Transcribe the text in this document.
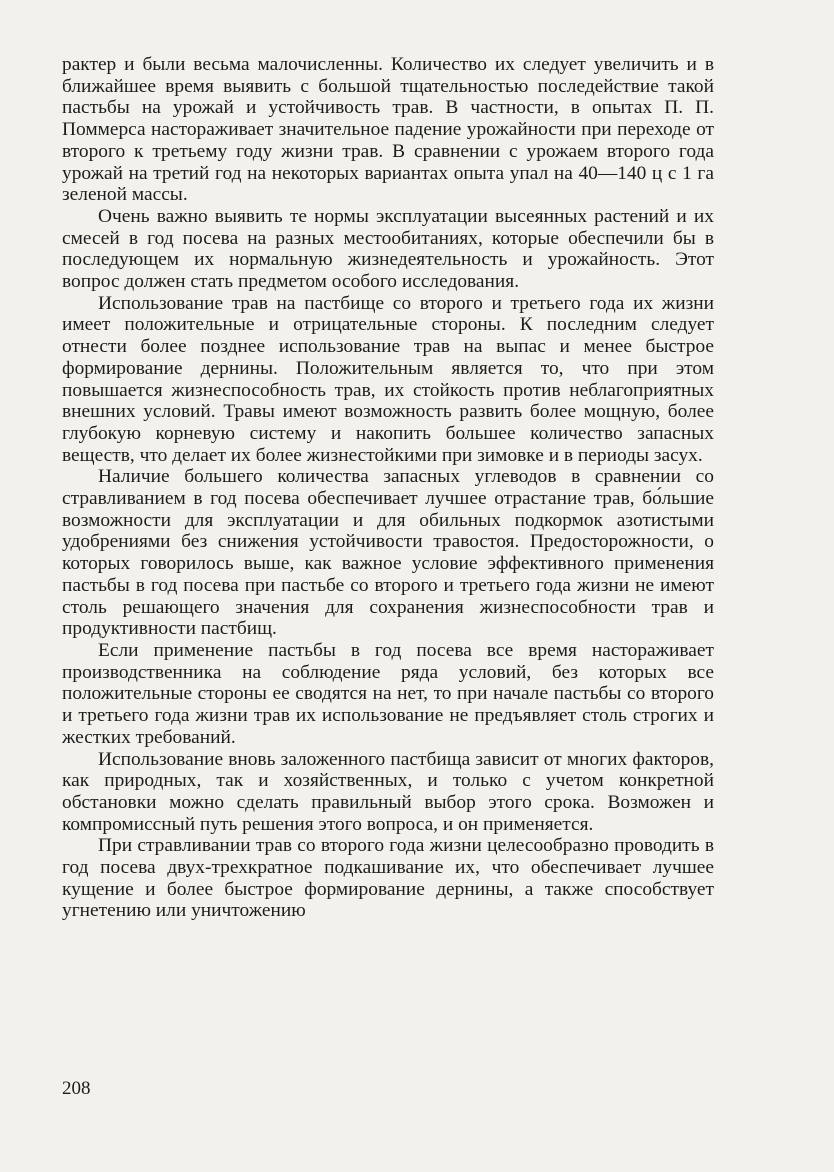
рактер и были весьма малочисленны. Количество их следует увеличить и в ближайшее время выявить с большой тщательностью последействие такой пастьбы на урожай и устойчивость трав. В частности, в опытах П. П. Поммерса настораживает значительное падение урожайности при переходе от второго к третьему году жизни трав. В сравнении с урожаем второго года урожай на третий год на некоторых вариантах опыта упал на 40—140 ц с 1 га зеленой массы.

Очень важно выявить те нормы эксплуатации высеянных растений и их смесей в год посева на разных местообитаниях, которые обеспечили бы в последующем их нормальную жизнедеятельность и урожайность. Этот вопрос должен стать предметом особого исследования.

Использование трав на пастбище со второго и третьего года их жизни имеет положительные и отрицательные стороны. К последним следует отнести более позднее использование трав на выпас и менее быстрое формирование дернины. Положительным является то, что при этом повышается жизнеспособность трав, их стойкость против неблагоприятных внешних условий. Травы имеют возможность развить более мощную, более глубокую корневую систему и накопить большее количество запасных веществ, что делает их более жизнестойкими при зимовке и в периоды засух.

Наличие большего количества запасных углеводов в сравнении со стравливанием в год посева обеспечивает лучшее отрастание трав, бо́льшие возможности для эксплуатации и для обильных подкормок азотистыми удобрениями без снижения устойчивости травостоя. Предосторожности, о которых говорилось выше, как важное условие эффективного применения пастьбы в год посева при пастьбе со второго и третьего года жизни не имеют столь решающего значения для сохранения жизнеспособности трав и продуктивности пастбищ.

Если применение пастьбы в год посева все время настораживает производственника на соблюдение ряда условий, без которых все положительные стороны ее сводятся на нет, то при начале пастьбы со второго и третьего года жизни трав их использование не предъявляет столь строгих и жестких требований.

Использование вновь заложенного пастбища зависит от многих факторов, как природных, так и хозяйственных, и только с учетом конкретной обстановки можно сделать правильный выбор этого срока. Возможен и компромиссный путь решения этого вопроса, и он применяется.

При стравливании трав со второго года жизни целесообразно проводить в год посева двух-трехкратное подкашивание их, что обеспечивает лучшее кущение и более быстрое формирование дернины, а также способствует угнетению или уничтожению

208
